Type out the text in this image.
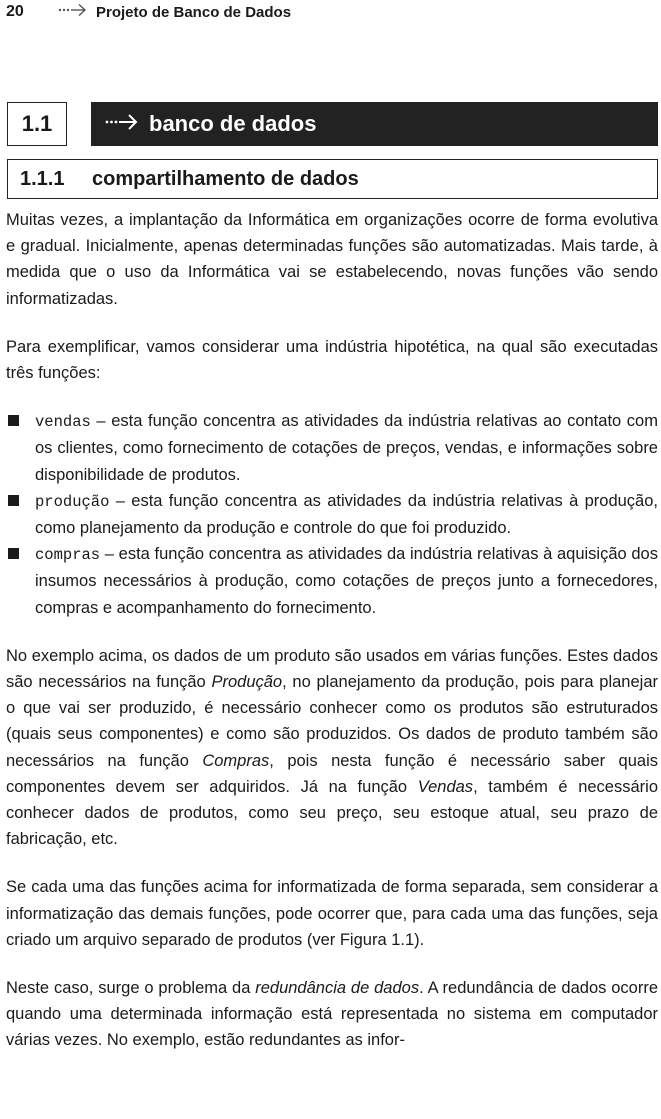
20	Projeto de Banco de Dados
1.1	banco de dados
1.1.1	compartilhamento de dados

Muitas vezes, a implantação da Informática em organizações ocorre de forma evolutiva e gradual. Inicialmente, apenas determinadas funções são automatizadas. Mais tarde, à medida que o uso da Informática vai se estabelecendo, novas funções vão sendo informatizadas.

Para exemplificar, vamos considerar uma indústria hipotética, na qual são executadas três funções:

vendas – esta função concentra as atividades da indústria relativas ao contato com os clientes, como fornecimento de cotações de preços, vendas, e informações sobre disponibilidade de produtos.
produção – esta função concentra as atividades da indústria relativas à produção, como planejamento da produção e controle do que foi produzido.
compras – esta função concentra as atividades da indústria relativas à aquisição dos insumos necessários à produção, como cotações de preços junto a fornecedores, compras e acompanhamento do fornecimento.

No exemplo acima, os dados de um produto são usados em várias funções. Estes dados são necessários na função Produção, no planejamento da produção, pois para planejar o que vai ser produzido, é necessário conhecer como os produtos são estruturados (quais seus componentes) e como são produzidos. Os dados de produto também são necessários na função Compras, pois nesta função é necessário saber quais componentes devem ser adquiridos. Já na função Vendas, também é necessário conhecer dados de produtos, como seu preço, seu estoque atual, seu prazo de fabricação, etc.

Se cada uma das funções acima for informatizada de forma separada, sem considerar a informatização das demais funções, pode ocorrer que, para cada uma das funções, seja criado um arquivo separado de produtos (ver Figura 1.1).

Neste caso, surge o problema da redundância de dados. A redundância de dados ocorre quando uma determinada informação está representada no sistema em computador várias vezes. No exemplo, estão redundantes as infor-
